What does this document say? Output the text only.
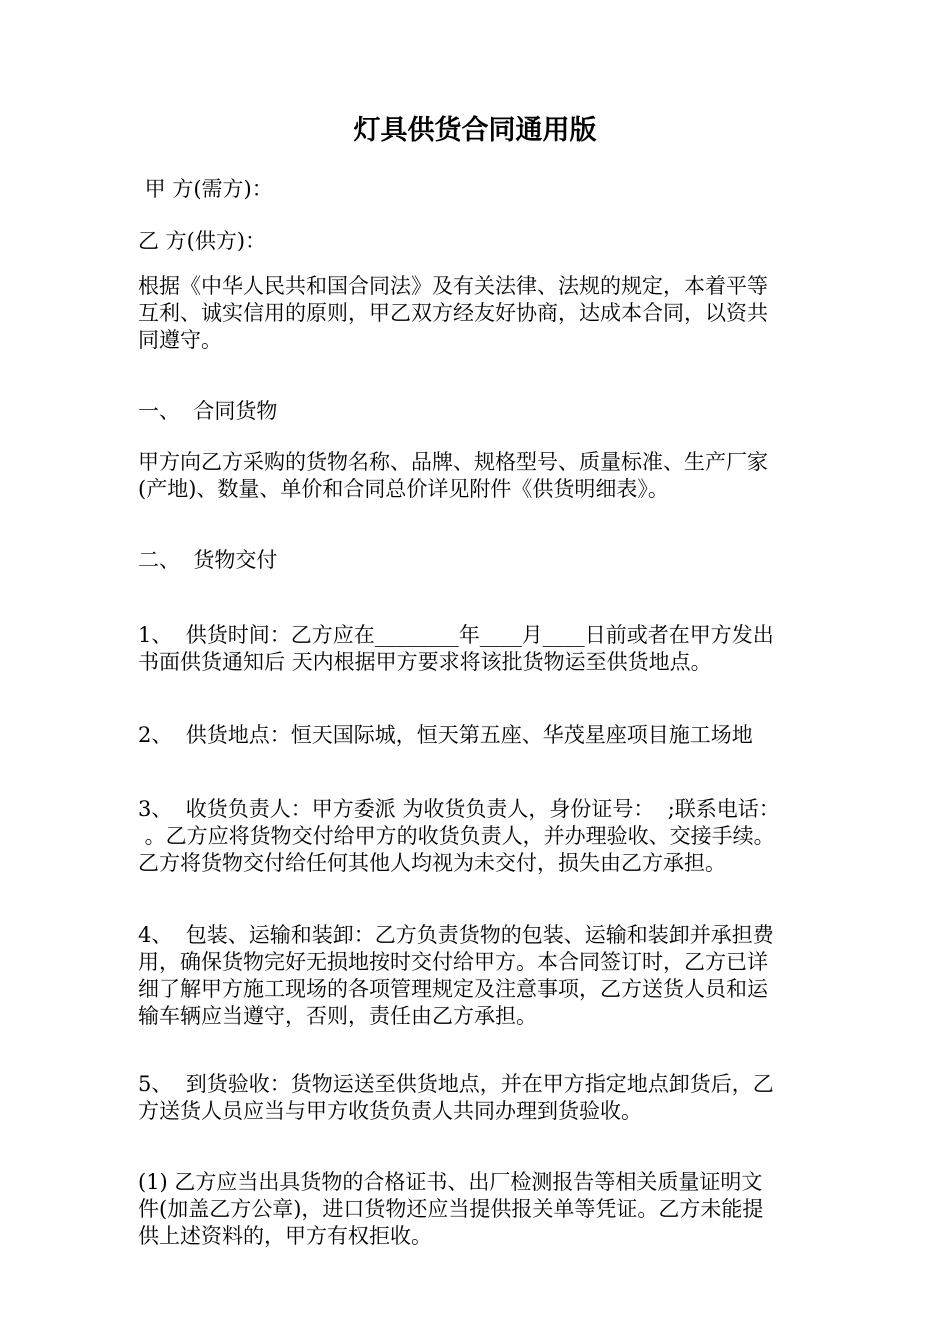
灯具供货合同通用版
甲 方(需方)：
乙 方(供方)：
根据《中华人民共和国合同法》及有关法律、法规的规定，本着平等
互利、诚实信用的原则，甲乙双方经友好协商，达成本合同，以资共
同遵守。
一、  合同货物
甲方向乙方采购的货物名称、品牌、规格型号、质量标准、生产厂家
(产地)、数量、单价和合同总价详见附件《供货明细表》。
二、  货物交付
1、  供货时间：乙方应在________年____月____日前或者在甲方发出
书面供货通知后 天内根据甲方要求将该批货物运至供货地点。
2、  供货地点：恒天国际城，恒天第五座、华茂星座项目施工场地
3、  收货负责人：甲方委派 为收货负责人，身份证号：  ;联系电话：
。乙方应将货物交付给甲方的收货负责人，并办理验收、交接手续。
乙方将货物交付给任何其他人均视为未交付，损失由乙方承担。
4、  包装、运输和装卸：乙方负责货物的包装、运输和装卸并承担费
用，确保货物完好无损地按时交付给甲方。本合同签订时，乙方已详
细了解甲方施工现场的各项管理规定及注意事项，乙方送货人员和运
输车辆应当遵守，否则，责任由乙方承担。
5、  到货验收：货物运送至供货地点，并在甲方指定地点卸货后，乙
方送货人员应当与甲方收货负责人共同办理到货验收。
(1) 乙方应当出具货物的合格证书、出厂检测报告等相关质量证明文
件(加盖乙方公章)，进口货物还应当提供报关单等凭证。乙方未能提
供上述资料的，甲方有权拒收。
